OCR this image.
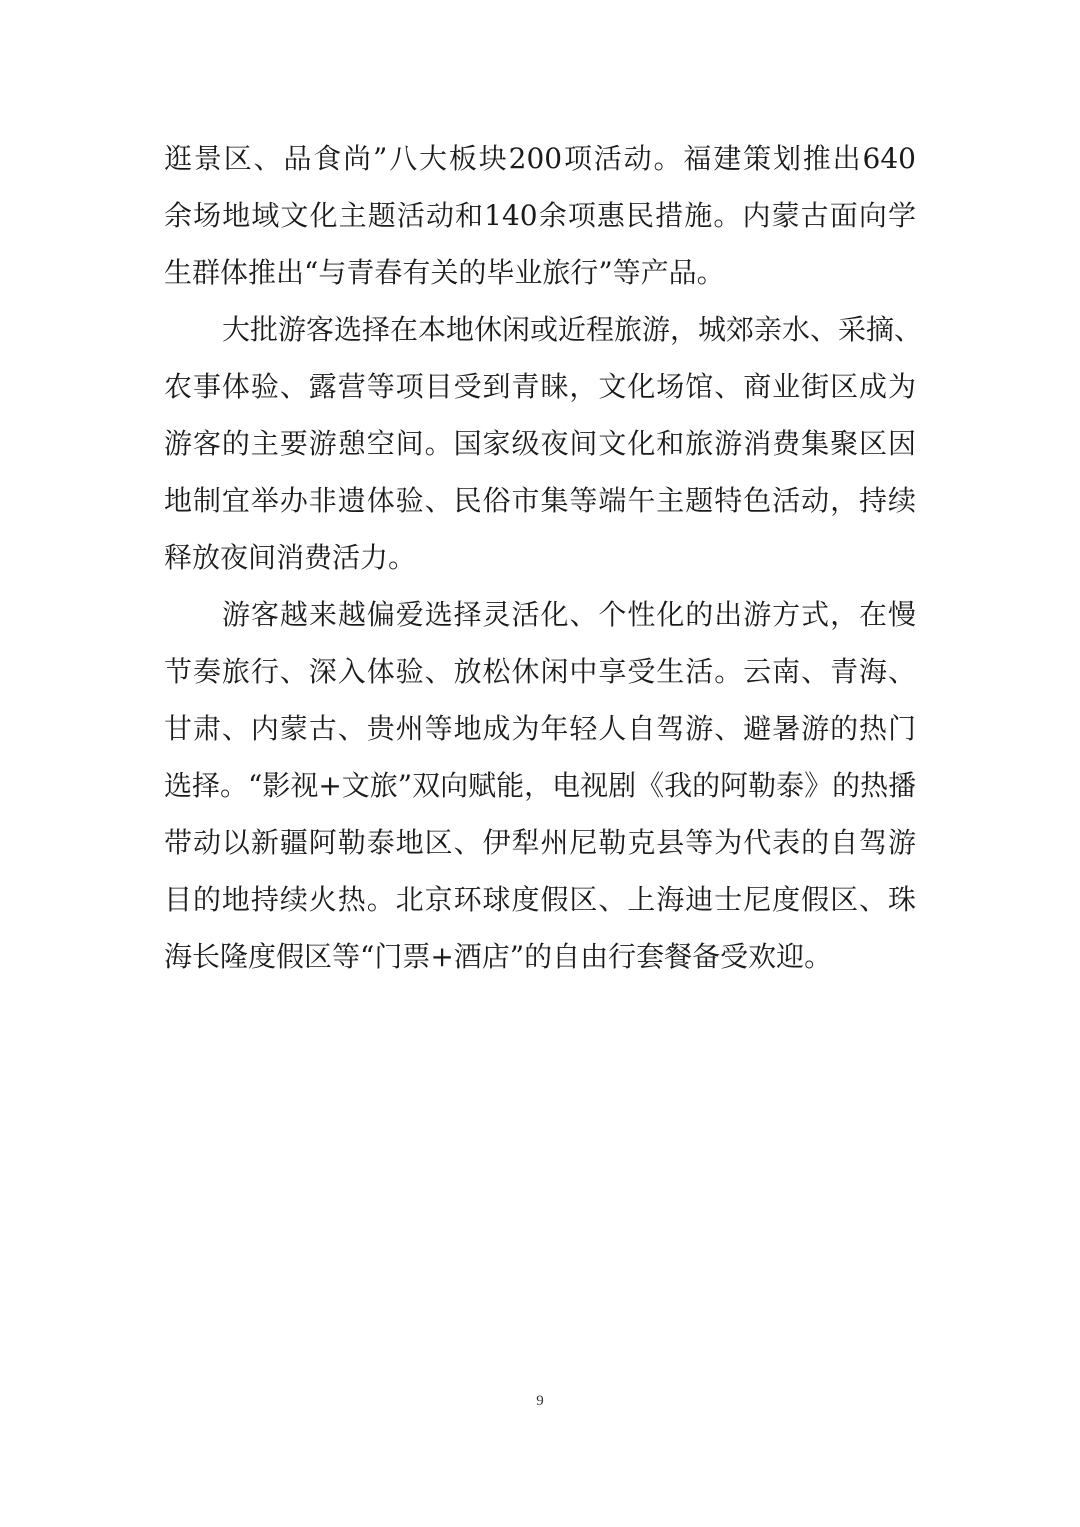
逛景区、品食尚”八大板块200项活动。福建策划推出640
余场地域文化主题活动和140余项惠民措施。内蒙古面向学
生群体推出“与青春有关的毕业旅行”等产品。
大批游客选择在本地休闲或近程旅游，城郊亲水、采摘、
农事体验、露营等项目受到青睐，文化场馆、商业街区成为
游客的主要游憩空间。国家级夜间文化和旅游消费集聚区因
地制宜举办非遗体验、民俗市集等端午主题特色活动，持续
释放夜间消费活力。
游客越来越偏爱选择灵活化、个性化的出游方式，在慢
节奏旅行、深入体验、放松休闲中享受生活。云南、青海、
甘肃、内蒙古、贵州等地成为年轻人自驾游、避暑游的热门
选择。“影视+文旅”双向赋能，电视剧《我的阿勒泰》的热播
带动以新疆阿勒泰地区、伊犁州尼勒克县等为代表的自驾游
目的地持续火热。北京环球度假区、上海迪士尼度假区、珠
海长隆度假区等“门票+酒店”的自由行套餐备受欢迎。
9
